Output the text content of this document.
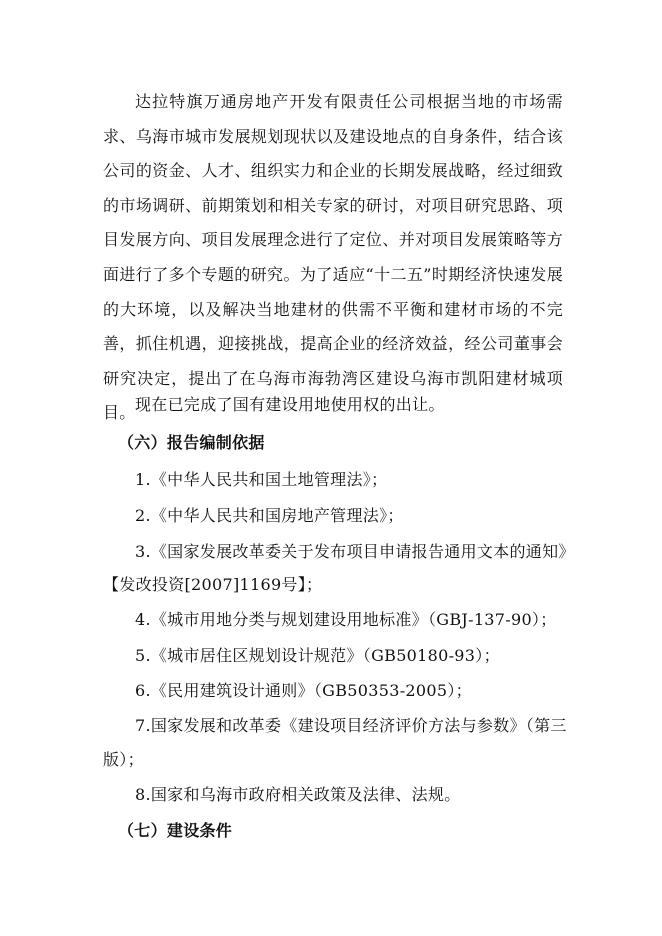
达拉特旗万通房地产开发有限责任公司根据当地的市场需求、乌海市城市发展规划现状以及建设地点的自身条件，结合该公司的资金、人才、组织实力和企业的长期发展战略，经过细致的市场调研、前期策划和相关专家的研讨，对项目研究思路、项目发展方向、项目发展理念进行了定位、并对项目发展策略等方面进行了多个专题的研究。为了适应“十二五”时期经济快速发展的大环境，以及解决当地建材的供需不平衡和建材市场的不完善，抓住机遇，迎接挑战，提高企业的经济效益，经公司董事会研究决定，提出了在乌海市海勃湾区建设乌海市凯阳建材城项目。 现在已完成了国有建设用地使用权的出让。
（六）报告编制依据
1.《中华人民共和国土地管理法》；
2.《中华人民共和国房地产管理法》；
3.《国家发展改革委关于发布项目申请报告通用文本的通知》
【发改投资[2007]1169号】；
4.《城市用地分类与规划建设用地标准》（GBJ-137-90）；
5.《城市居住区规划设计规范》（GB50180-93）；
6.《民用建筑设计通则》（GB50353-2005）；
7.国家发展和改革委《建设项目经济评价方法与参数》（第三
版）；
8.国家和乌海市政府相关政策及法律、法规。
（七）建设条件
